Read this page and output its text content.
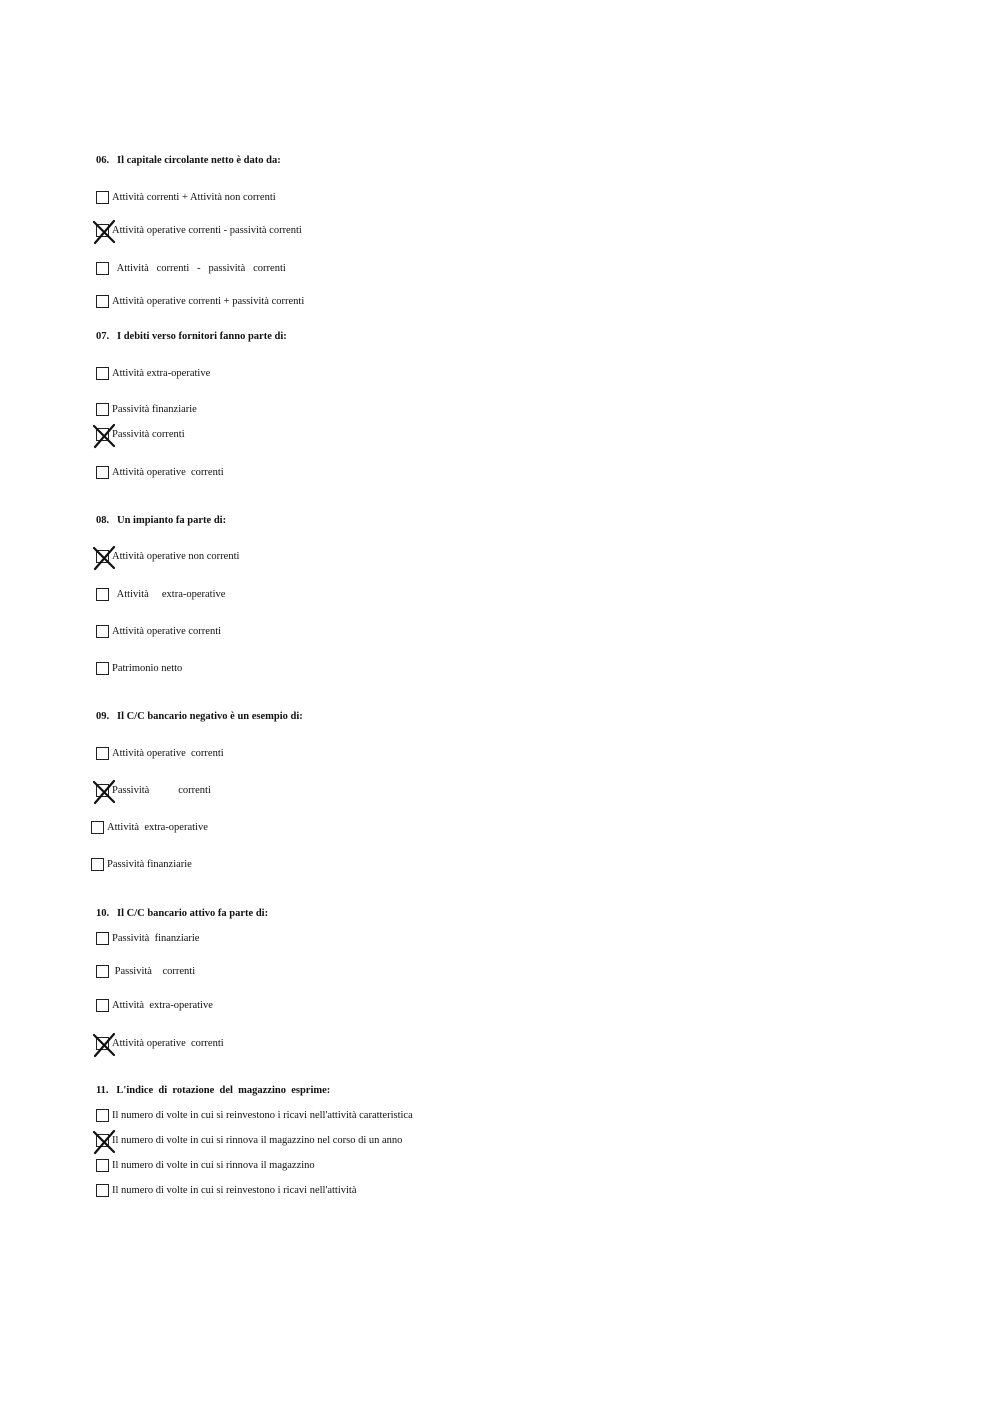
06.   Il capitale circolante netto è dato da:
Attività correnti + Attività non correnti
Attività operative correnti - passività correnti
Attività   correnti   -   passività   correnti
Attività operative correnti + passività correnti
07.   I debiti verso fornitori fanno parte di:
Attività extra-operative
Passività finanziarie
Passività correnti
Attività operative  correnti
08.   Un impianto fa parte di:
Attività operative non correnti
Attività     extra-operative
Attività operative correnti
Patrimonio netto
09.   Il C/C bancario negativo è un esempio di:
Attività operative  correnti
Passività           correnti
Attività  extra-operative
Passività finanziarie
10.   Il C/C bancario attivo fa parte di:
Passività  finanziarie
Passività    correnti
Attività  extra-operative
Attività operative  correnti
11.   L'indice  di  rotazione  del  magazzino  esprime:
Il numero di volte in cui si reinvestono i ricavi nell'attività caratteristica
Il numero di volte in cui si rinnova il magazzino nel corso di un anno
Il numero di volte in cui si rinnova il magazzino
Il numero di volte in cui si reinvestono i ricavi nell'attività
